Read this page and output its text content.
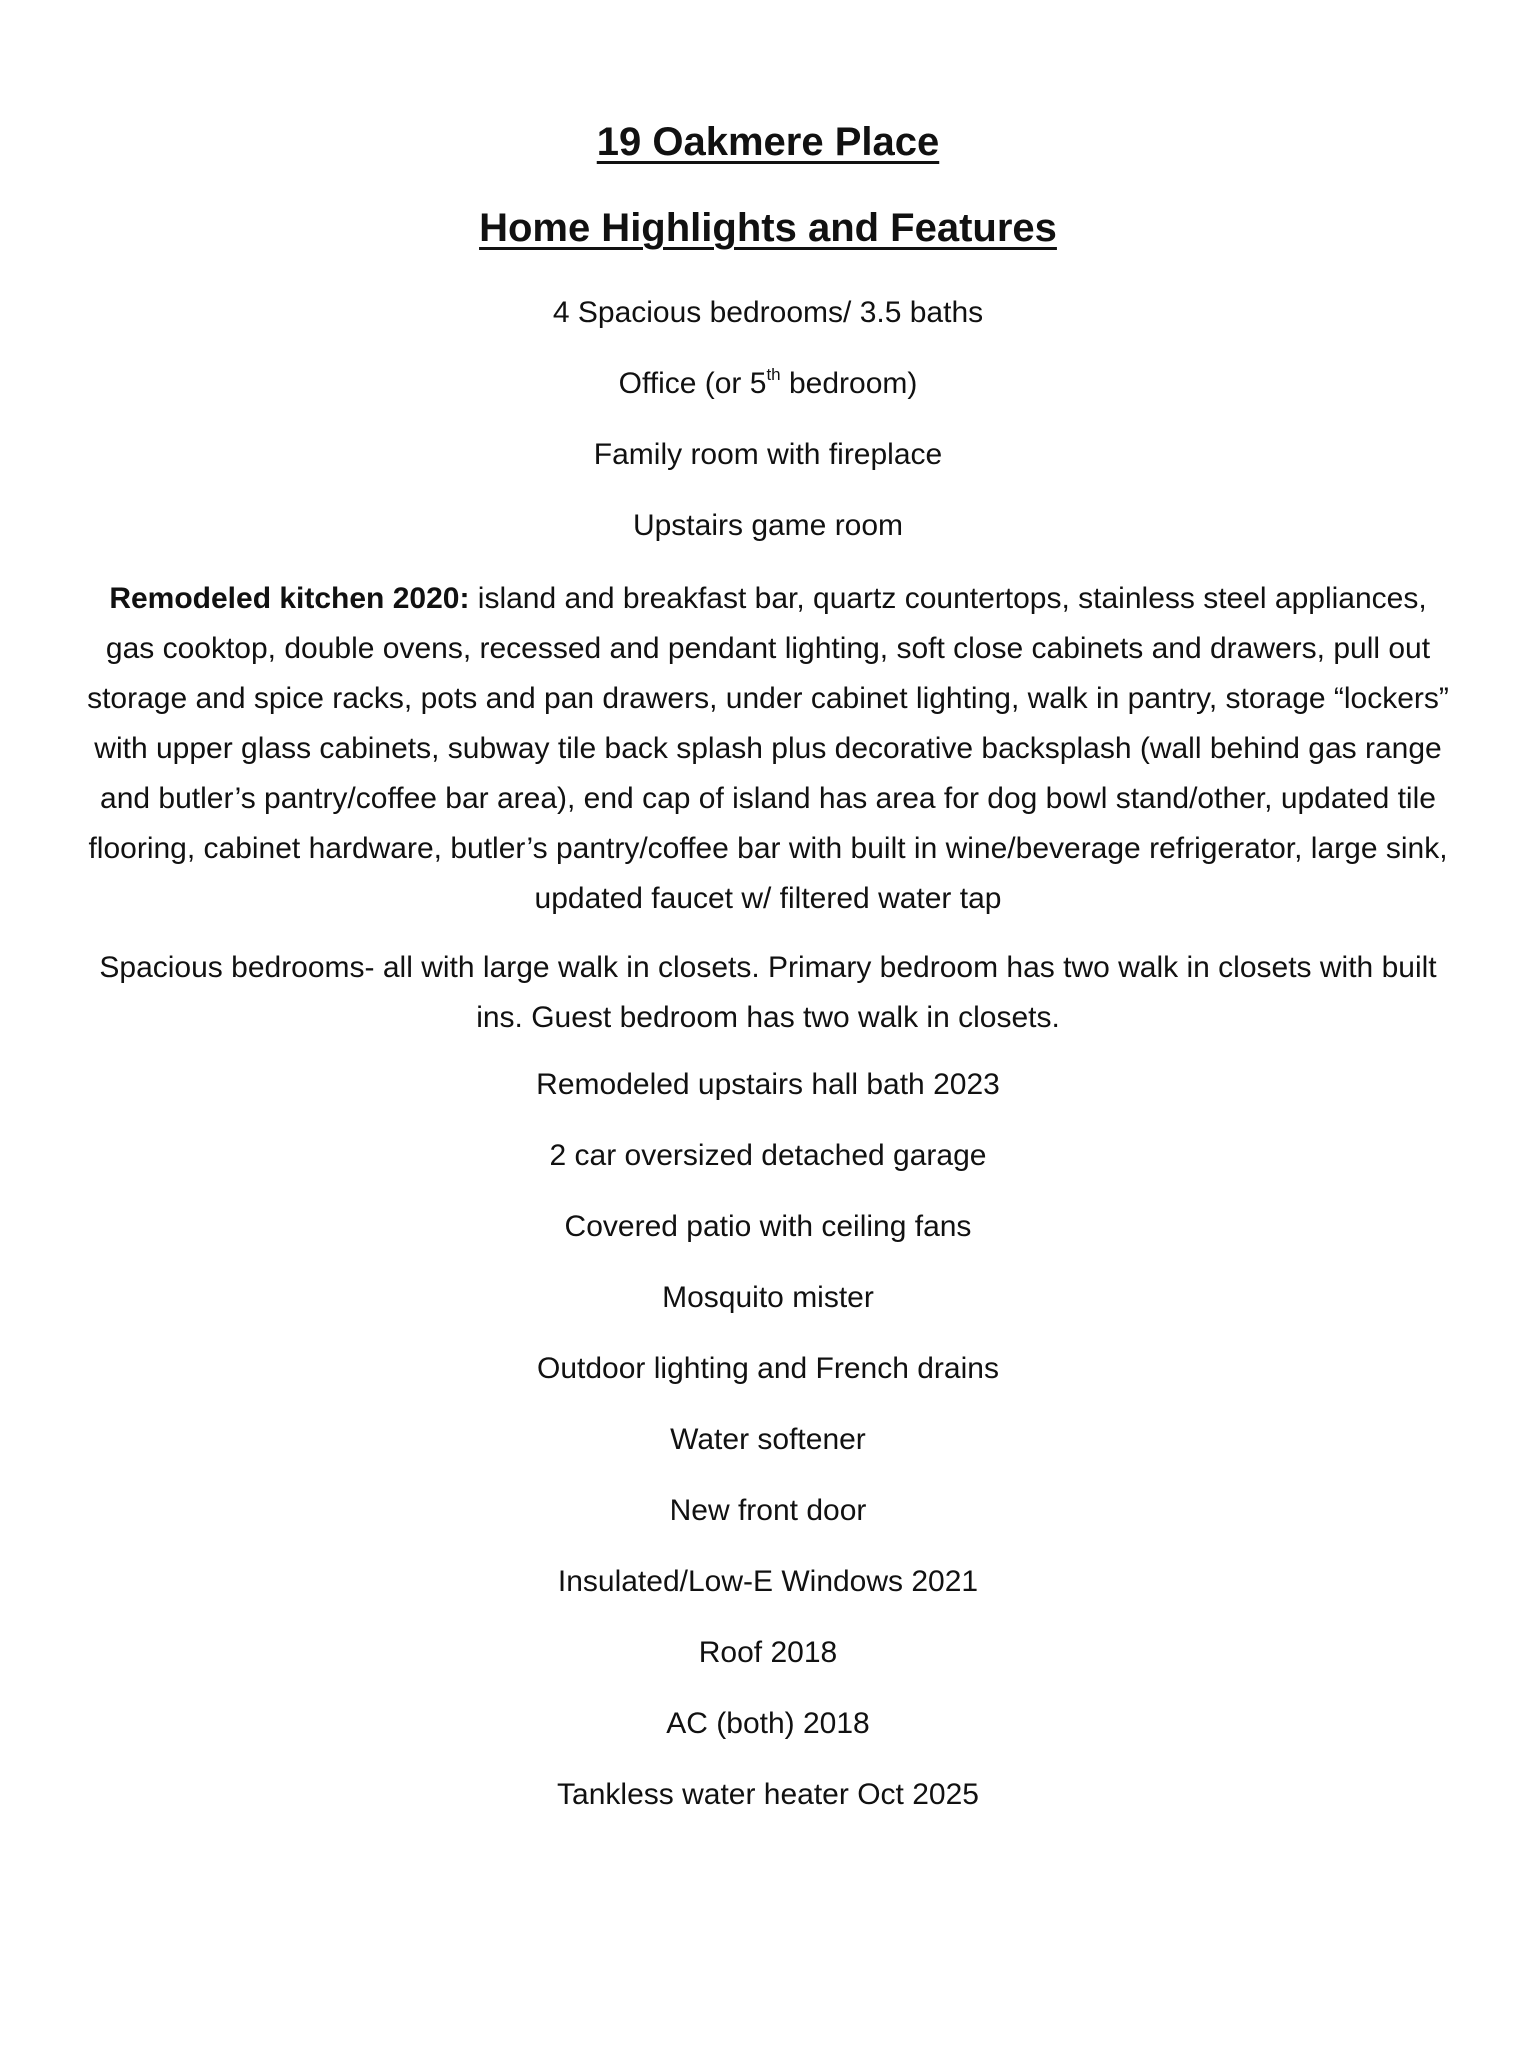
19 Oakmere Place
Home Highlights and Features
4 Spacious bedrooms/ 3.5 baths
Office (or 5th bedroom)
Family room with fireplace
Upstairs game room
Remodeled kitchen 2020: island and breakfast bar, quartz countertops, stainless steel appliances, gas cooktop, double ovens, recessed and pendant lighting, soft close cabinets and drawers, pull out storage and spice racks, pots and pan drawers, under cabinet lighting, walk in pantry, storage “lockers” with upper glass cabinets, subway tile back splash plus decorative backsplash (wall behind gas range and butler’s pantry/coffee bar area), end cap of island has area for dog bowl stand/other, updated tile flooring, cabinet hardware, butler’s pantry/coffee bar with built in wine/beverage refrigerator, large sink, updated faucet w/ filtered water tap
Spacious bedrooms- all with large walk in closets. Primary bedroom has two walk in closets with built ins. Guest bedroom has two walk in closets.
Remodeled upstairs hall bath 2023
2 car oversized detached garage
Covered patio with ceiling fans
Mosquito mister
Outdoor lighting and French drains
Water softener
New front door
Insulated/Low-E Windows 2021
Roof 2018
AC (both) 2018
Tankless water heater Oct 2025
